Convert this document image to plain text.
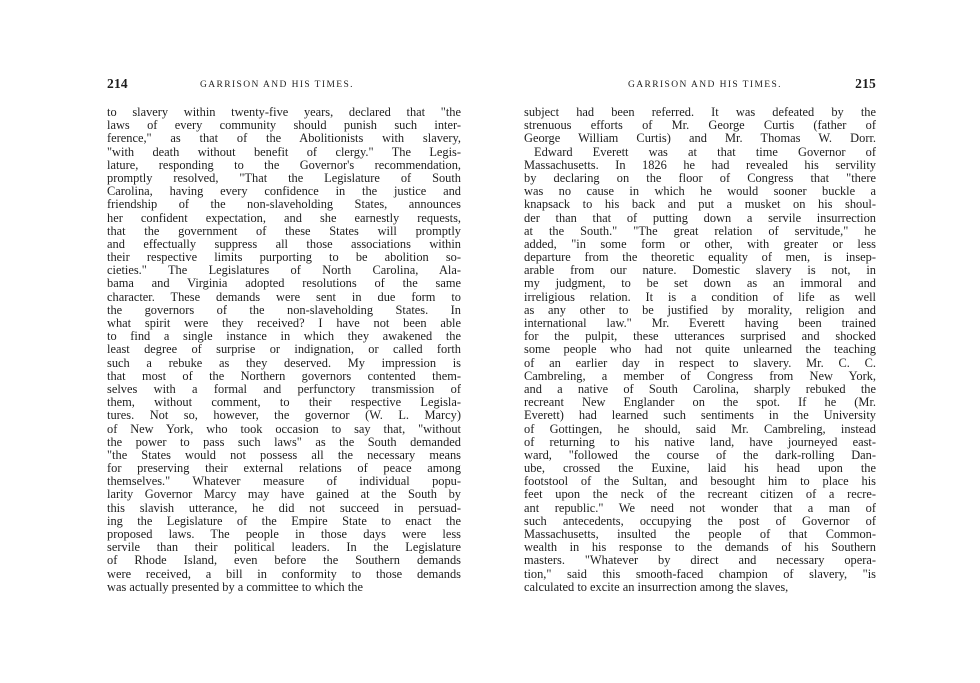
214	GARRISON AND HIS TIMES.
to slavery within twenty-five years, declared that "the
laws of every community should punish such inter-
ference," as that of the Abolitionists with slavery,
"with death without benefit of clergy." The Legis-
lature, responding to the Governor's recommendation,
promptly resolved, "That the Legislature of South
Carolina, having every confidence in the justice and
friendship of the non-slaveholding States, announces
her confident expectation, and she earnestly requests,
that the government of these States will promptly
and effectually suppress all those associations within
their respective limits purporting to be abolition so-
cieties." The Legislatures of North Carolina, Ala-
bama and Virginia adopted resolutions of the same
character. These demands were sent in due form to
the governors of the non-slaveholding States. In
what spirit were they received? I have not been able
to find a single instance in which they awakened the
least degree of surprise or indignation, or called forth
such a rebuke as they deserved. My impression is
that most of the Northern governors contented them-
selves with a formal and perfunctory transmission of
them, without comment, to their respective Legisla-
tures. Not so, however, the governor (W. L. Marcy)
of New York, who took occasion to say that, "without
the power to pass such laws" as the South demanded
"the States would not possess all the necessary means
for preserving their external relations of peace among
themselves." Whatever measure of individual popu-
larity Governor Marcy may have gained at the South by
this slavish utterance, he did not succeed in persuad-
ing the Legislature of the Empire State to enact the
proposed laws. The people in those days were less
servile than their political leaders. In the Legislature
of Rhode Island, even before the Southern demands
were received, a bill in conformity to those demands
was actually presented by a committee to which the
GARRISON AND HIS TIMES.	215
subject had been referred. It was defeated by the
strenuous efforts of Mr. George Curtis (father of
George William Curtis) and Mr. Thomas W. Dorr.
Edward Everett was at that time Governor of
Massachusetts. In 1826 he had revealed his servility
by declaring on the floor of Congress that "there
was no cause in which he would sooner buckle a
knapsack to his back and put a musket on his shoul-
der than that of putting down a servile insurrection
at the South." "The great relation of servitude," he
added, "in some form or other, with greater or less
departure from the theoretic equality of men, is insep-
arable from our nature. Domestic slavery is not, in
my judgment, to be set down as an immoral and
irreligious relation. It is a condition of life as well
as any other to be justified by morality, religion and
international law." Mr. Everett having been trained
for the pulpit, these utterances surprised and shocked
some people who had not quite unlearned the teaching
of an earlier day in respect to slavery. Mr. C. C.
Cambreling, a member of Congress from New York,
and a native of South Carolina, sharply rebuked the
recreant New Englander on the spot. If he (Mr.
Everett) had learned such sentiments in the University
of Gottingen, he should, said Mr. Cambreling, instead
of returning to his native land, have journeyed east-
ward, "followed the course of the dark-rolling Dan-
ube, crossed the Euxine, laid his head upon the
footstool of the Sultan, and besought him to place his
feet upon the neck of the recreant citizen of a recre-
ant republic." We need not wonder that a man of
such antecedents, occupying the post of Governor of
Massachusetts, insulted the people of that Common-
wealth in his response to the demands of his Southern
masters. "Whatever by direct and necessary opera-
tion," said this smooth-faced champion of slavery, "is
calculated to excite an insurrection among the slaves,
